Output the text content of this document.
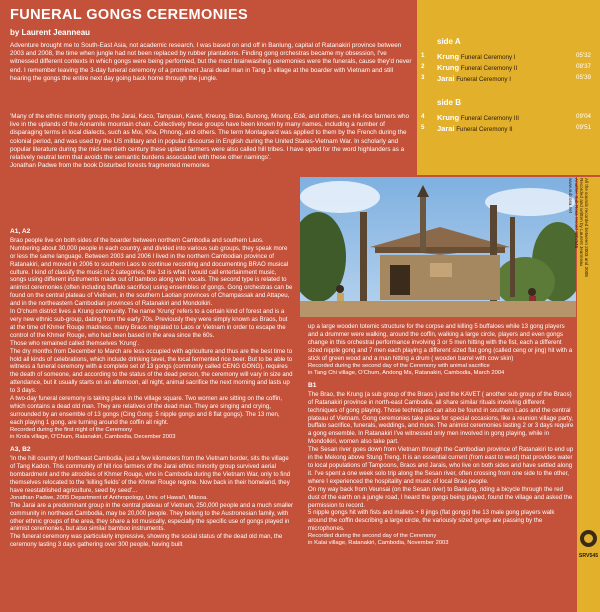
FUNERAL GONGS CEREMONIES
by Laurent Jeanneau

Adventure brought me to South-East Asia, not academic research. I was based on and off in Banlung, capital of Ratanakiri province between 2003 and 2008, the time when jungle had not been replaced by rubber plantations. Finding gong orchestras became my obsession, I've witnessed different contexts in which gongs were being performed, but the most brainwashing ceremonies were the funerals, cause they'd never end. I remember leaving the 3-day funeral ceremony of a prominent Jarai dead man in Tang Ji village at the boarder with Vietnam and still hearing the gongs the entire next day going back home through the jungle.

'Many of the ethnic minority groups, the Jarai, Kaco, Tampuan, Kavet, Kreung, Brao, Bunong, Mnong, Edê, and others, are hill-rice farmers who live in the uplands of the Annamite mountain chain. Collectively these groups have been known by many names, including a number of disparaging terms in local dialects, such as Moi, Kha, Phnong, and others. The term Montagnard was applied to them by the French during the colonial period, and was used by the US military and in popular discourse in English during the United States-Vietnam War. In scholarly and popular literature during the mid-twentieth century these upland farmers were also called hill tribes. I have opted for the word highlanders as a relatively neutral term that avoids the semantic burdens associated with these other namings'.

Jonathan Padwe from the book Disturbed forests fragmented memories

side A
1	Krung Funeral Ceremony I	05'32
2	Krung Funeral Ceremony II	08'37
3	Jarai Funeral Ceremony I	05'39
side B
4	Krung Funeral Ceremony III	09'04
5	Jarai Funeral Ceremony II	09'51
All the sounds recorded between 2003 and 2008
Recorded and written by Laurent Jeanneau
Another Sub Rosa record SRV545
www.subrosa.net
SRV545
A1, A2

Brao people live on both sides of the boarder between northern Cambodia and southern Laos. Numbering about 30,000 people in each country, and divided into various sub groups, they speak more or less the same language. Between 2003 and 2006 I lived in the northern Cambodian province of Ratanakiri, and moved in 2006 to southern Laos to continue recording and documenting BRAO musical culture. I kind of classify the music in 2 categories, the 1st is what I would call entertainment music, songs using different instruments made out of bamboo along with vocals. The second type is related to animist ceremonies (often including buffalo sacrifice) using ensembles of gongs. Gong orchestras can be found on the central plateau of Vietnam, in the southern Laotian provinces of Champassak and Attapeu, and in the northeastern Cambodian provinces of Ratanakiri and Mondolkiri.

In O'chum district lives a Krung community. The name 'Krung' refers to a certain kind of forest and is a very new ethnic sub-group, dating from the early 70s. Previously they were simply known as Braos, but at the time of Khmer Rouge madness, many Braos migrated to Laos or Vietnam in order to escape the control of the Khmer Rouge, who had been based in the area since the 60s.

Those who remained called themselves 'Krung'.

The dry months from December to March are less occupied with agriculture and thus are the best time to hold all kinds of celebrations, which include drinking tavei, the local fermented rice beer. But to be able to witness a funeral ceremony with a complete set of 13 gongs (commonly called CENG GONG), requires the death of someone, and according to the status of the dead person, the ceremony will vary in size and attendance, but it usually starts on an afternoon, all night, animal sacrifice the next morning and lasts up to 3 days.

A two-day funeral ceremony is taking place in the village square. Two women are sitting on the coffin, which contains a dead old man. They are relatives of the dead man. They are singing and crying, surrounded by an ensemble of 13 gongs (Cing Gong: 5 nipple gongs and 8 flat gongs). The 13 men, each playing 1 gong, are turning around the coffin all night.

Recorded during the first night of the Ceremony

in Krola village, O'Chum, Ratanakiri, Cambodia, December 2003

A3, B2

'In the hill country of Northeast Cambodia, just a few kilometers from the Vietnam border, sits the village of Tang Kadon. This community of hill rice farmers of the Jarai ethnic minority group survived aerial bombardment and the atrocities of Khmer Rouge, who in Cambodia during the Vietnam War, only to find themselves relocated to the 'killing fields' of the Khmer Rouge regime. Now back in their homeland, they have reestablished agriculture, seed by seed'...

Jonathan Padwe, 2005 Department of Anthropology, Univ. of Hawai'i, Mânoa.

The Jarai are a predominant group in the central plateau of Vietnam, 250,000 people and a much smaller community in northeast Cambodia, may be 20,000 people. They belong to the Austronesian family, with other ethnic groups of the area, they share a lot musically, especially the specific use of gongs played in animist ceremonies, but also similar bamboo instruments.

The funeral ceremony was particularly impressive, showing the social status of the dead old man, the ceremony lasting 3 days gathering over 300 people, having built

up a large wooden totemic structure for the corpse and killing 5 buffaloes while 13 gong players and a drummer were walking, around the coffin, walking a large circle, players and even gongs change in this orchestral performance involving 3 or 5 men hitting with the fist, each a different sized nipple gong and 7 men each playing a different sized flat gong (called ceng or jing) hit with a stick of green wood and a man hitting a drum ( wooden barrel with cow skin)

Recorded during the second day of the Ceremony with animal sacrifice

in Tang Chi village, O'Chum, Andong Ms, Ratanakiri, Cambodia, March 2004

B1

The Brao, the Krung (a sub group of the Braos ) and the KAVET ( another sub group of the Braos) of Ratanakiri province in north-east Cambodia, all share similar rituals involving different techniques of gong playing. Those techniques can also be found in southern Laos and the central plateau of Vietnam. Gong ceremonies take place for special occasions, like a reunion village party, buffalo sacrifice, funerals, weddings, and more. The animist ceremonies lasting 2 or 3 days require a gong ensemble. In Ratanakiri I've witnessed only men involved in gong playing, while in Mondolkiri, women also take part.

The Sesan river goes down from Vietnam through the Cambodian province of Ratanakiri to end up in the Mekong above Stung Treng. It is an essential current (from east to west) that provides water to local populations of Tampoons, Braos and Jarais, who live on both sides and have settled along it. I've spent a one week solo trip along the Sesan river, often crossing from one side to the other, where I experienced the hospitality and music of local Brao people.

On my way back from Veunsai (on the Sesan river) to Banlung, riding a bicycle through the red dust of the earth on a jungle road, I heard the gongs being played, found the village and asked the permission to record.

5 nipple gongs hit with fists and mallets + 8 jings (flat gongs) the 13 male gong players walk around the coffin describing a large circle, the variously sized gongs are passing by the microphones.

Recorded during the second day of the Ceremony

in Kalai village, Ratanakiri, Cambodia, November 2003
